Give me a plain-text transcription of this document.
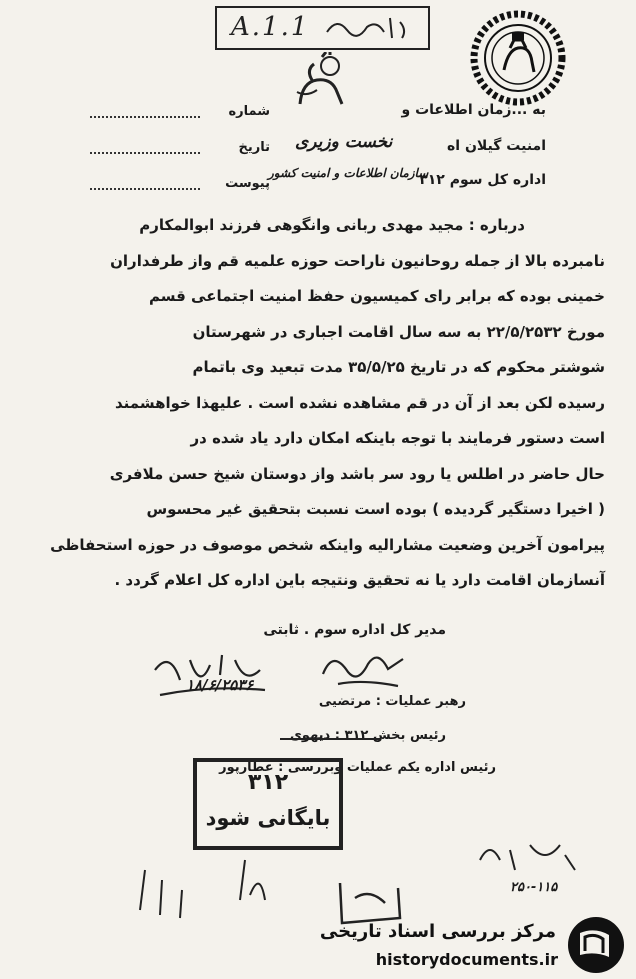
A.1.1
به ...زمان اطلاعات و
امنیت گیلان اه
نخست وزیری
اداره کل سوم ۳۱۲
سازمان اطلاعات و امنیت کشور
شماره
تاریخ
پیوست

درباره : مجید مهدی ربانی وانگوهی فرزند ابوالمکارم

نامبرده بالا از جمله روحانیون ناراحت حوزه علمیه قم واز طرفداران

خمینی بوده که برابر رای کمیسیون حفظ امنیت اجتماعی قسم

مورخ ۲۲/۵/۲۵۳۲ به سه سال اقامت اجباری در شهرستان

شوشتر محکوم که در تاریخ ۳۵/۵/۲۵ مدت تبعید وی باتمام

رسیده لکن بعد از آن در قم مشاهده نشده است . علیهذا خواهشمند

است دستور فرمایند با توجه باینکه امکان دارد یاد شده در

حال حاضر در اطلس یا رود سر باشد واز دوستان شیخ حسن ملافری

( اخیرا دستگیر گردیده ) بوده است نسبت بتحقیق غیر محسوس

پیرامون آخرین وضعیت مشارالیه واینکه شخص موصوف در حوزه استحفاظی

آنسازمان اقامت دارد یا نه تحقیق ونتیجه باین اداره کل اعلام گردد .

مدیر کل اداره سوم . ثابتی
۱۸/۶/۲۵۳۶
رهبر عملیات : مرتضیی
رئیس بخش ۳۱۲ : دیهوی
رئیس اداره یکم عملیات وبررسی : عطارپور
۳۱۲
بایگانی شود
۲۵۰-۱۱۵
مرکز بررسی اسناد تاریخی
historydocuments.ir
